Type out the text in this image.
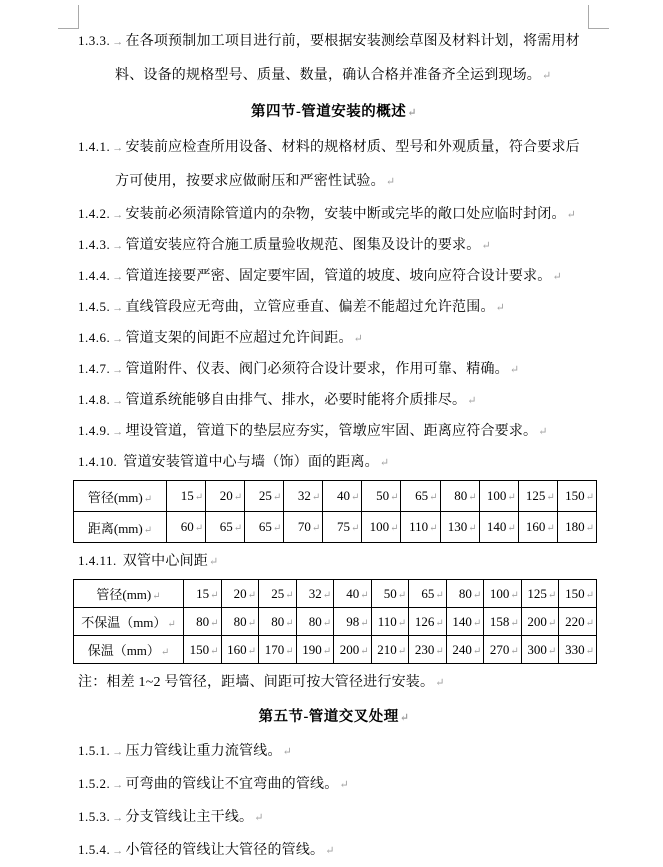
1.3.3. → 在各项预制加工项目进行前，要根据安装测绘草图及材料计划，将需用材料、设备的规格型号、质量、数量，确认合格并准备齐全运到现场。↵

第四节-管道安装的概述↵

1.4.1. → 安装前应检查所用设备、材料的规格材质、型号和外观质量，符合要求后方可使用，按要求应做耐压和严密性试验。↵

1.4.2. → 安装前必须清除管道内的杂物，安装中断或完毕的敞口处应临时封闭。↵

1.4.3. → 管道安装应符合施工质量验收规范、图集及设计的要求。↵

1.4.4. → 管道连接要严密、固定要牢固，管道的坡度、坡向应符合设计要求。↵

1.4.5. → 直线管段应无弯曲，立管应垂直、偏差不能超过允许范围。↵

1.4.6. → 管道支架的间距不应超过允许间距。↵

1.4.7. → 管道附件、仪表、阀门必须符合设计要求，作用可靠、精确。↵

1.4.8. → 管道系统能够自由排气、排水，必要时能将介质排尽。↵

1.4.9. → 埋设管道，管道下的垫层应夯实，管墩应牢固、距离应符合要求。↵

1.4.10. 管道安装管道中心与墙（饰）面的距离。↵

管径(mm)↵	15↵	20↵	25↵	32↵	40↵	50↵	65↵	80↵	100↵	125↵	150↵
距离(mm)↵	60↵	65↵	65↵	70↵	75↵	100↵	110↵	130↵	140↵	160↵	180↵

1.4.11. 双管中心间距↵

管径(mm)↵	15↵	20↵	25↵	32↵	40↵	50↵	65↵	80↵	100↵	125↵	150↵
不保温（mm）↵	80↵	80↵	80↵	80↵	98↵	110↵	126↵	140↵	158↵	200↵	220↵
保温（mm）↵	150↵	160↵	170↵	190↵	200↵	210↵	230↵	240↵	270↵	300↵	330↵

注：相差 1~2 号管径，距墙、间距可按大管径进行安装。↵

第五节-管道交叉处理↵

1.5.1. → 压力管线让重力流管线。↵

1.5.2. → 可弯曲的管线让不宜弯曲的管线。↵

1.5.3. → 分支管线让主干线。↵

1.5.4. → 小管径的管线让大管径的管线。↵
